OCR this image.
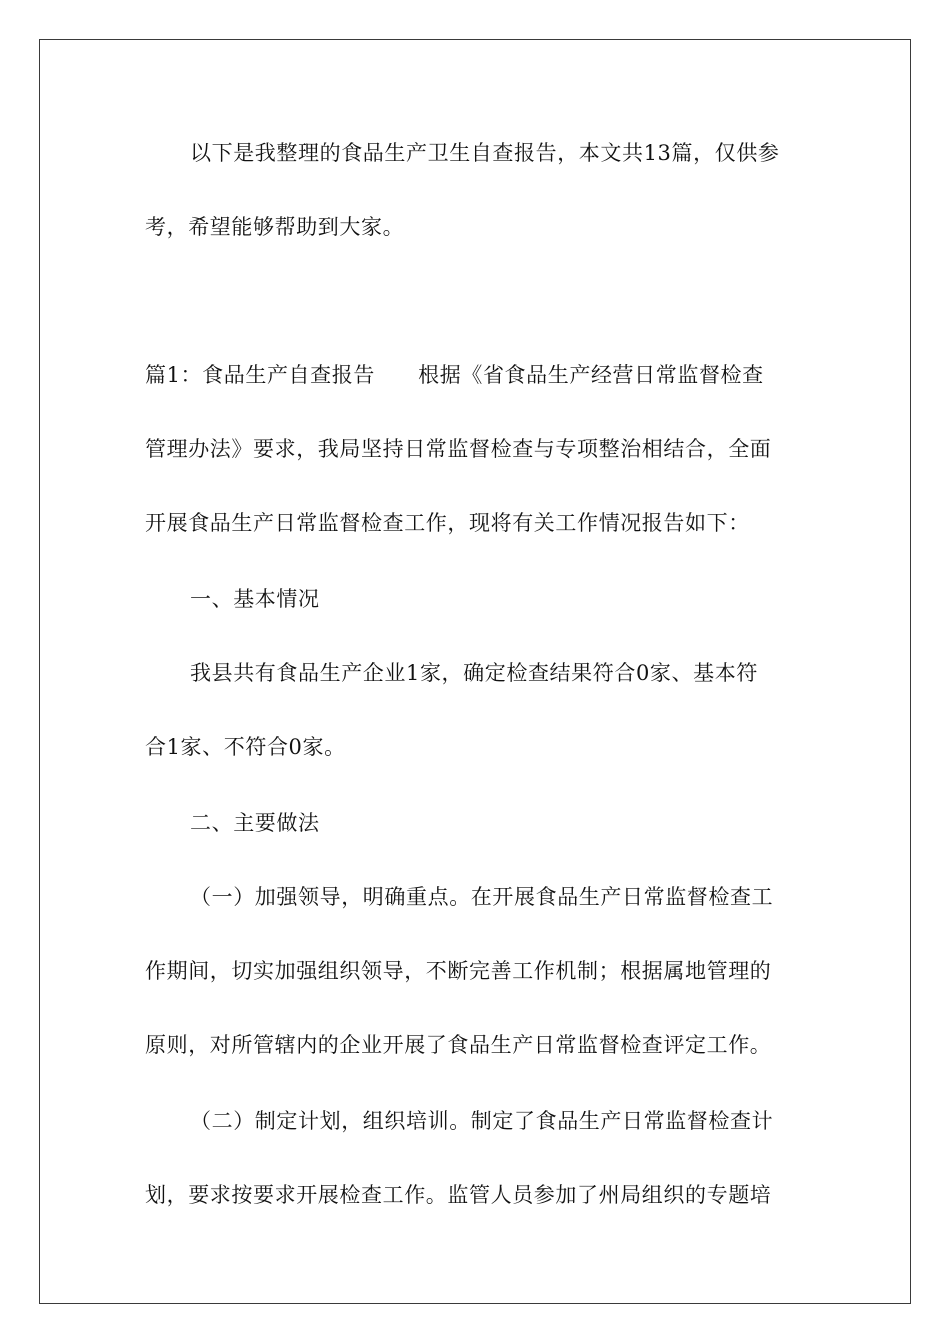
以下是我整理的食品生产卫生自查报告，本文共13篇，仅供参
考，希望能够帮助到大家。
篇1：食品生产自查报告　　根据《省食品生产经营日常监督检查
管理办法》要求，我局坚持日常监督检查与专项整治相结合，全面
开展食品生产日常监督检查工作，现将有关工作情况报告如下：
一、基本情况
我县共有食品生产企业1家，确定检查结果符合0家、基本符
合1家、不符合0家。
二、主要做法
（一）加强领导，明确重点。在开展食品生产日常监督检查工
作期间，切实加强组织领导，不断完善工作机制；根据属地管理的
原则，对所管辖内的企业开展了食品生产日常监督检查评定工作。
（二）制定计划，组织培训。制定了食品生产日常监督检查计
划，要求按要求开展检查工作。监管人员参加了州局组织的专题培
